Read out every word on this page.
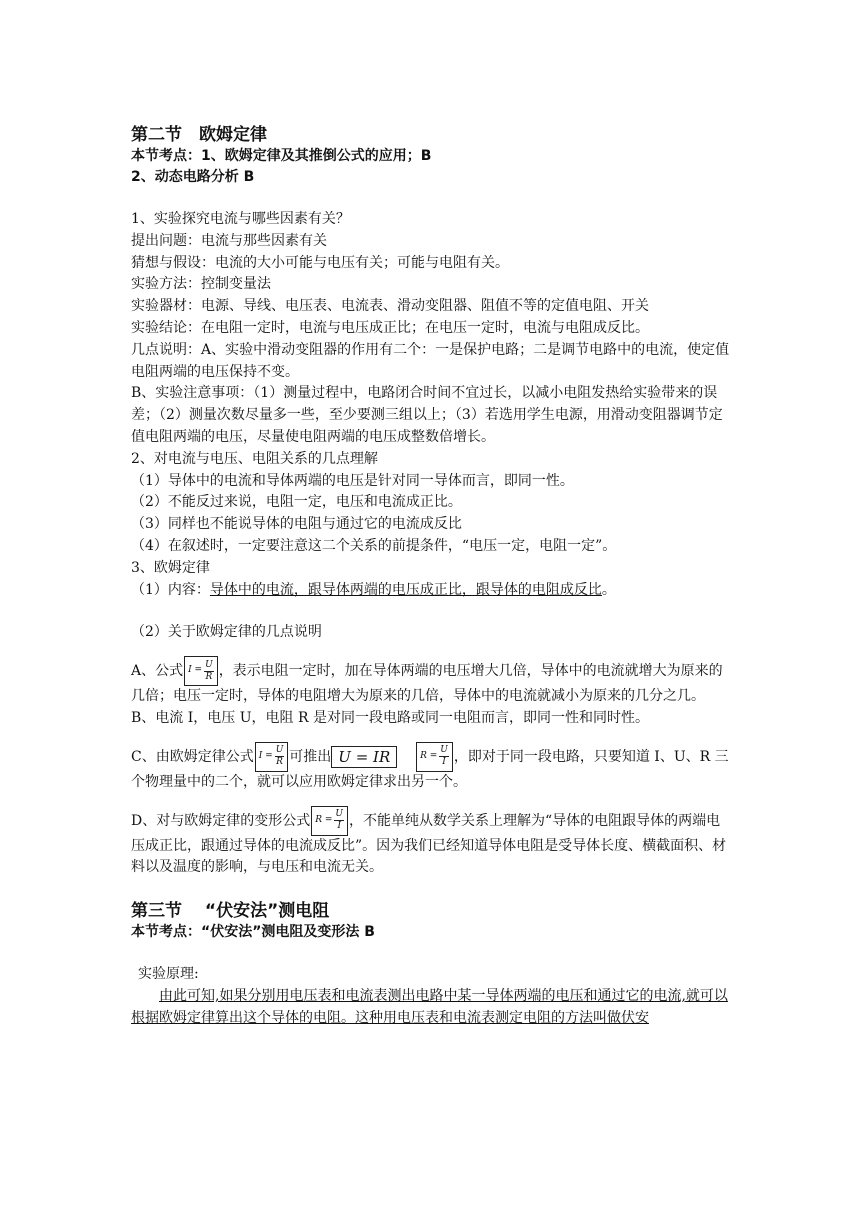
第二节　欧姆定律

本节考点：1、欧姆定律及其推倒公式的应用；B

2、动态电路分析 B

1、实验探究电流与哪些因素有关？

提出问题：电流与那些因素有关

猜想与假设：电流的大小可能与电压有关；可能与电阻有关。

实验方法：控制变量法

实验器材：电源、导线、电压表、电流表、滑动变阻器、阻值不等的定值电阻、开关

实验结论：在电阻一定时，电流与电压成正比；在电压一定时，电流与电阻成反比。

几点说明：A、实验中滑动变阻器的作用有二个：一是保护电路；二是调节电路中的电流，使定值电阻两端的电压保持不变。

B、实验注意事项：（1）测量过程中，电路闭合时间不宜过长，以减小电阻发热给实验带来的误差；（2）测量次数尽量多一些，至少要测三组以上；（3）若选用学生电源，用滑动变阻器调节定值电阻两端的电压，尽量使电阻两端的电压成整数倍增长。

2、对电流与电压、电阻关系的几点理解

（1）导体中的电流和导体两端的电压是针对同一导体而言，即同一性。

（2）不能反过来说，电阻一定，电压和电流成正比。

（3）同样也不能说导体的电阻与通过它的电流成反比

（4）在叙述时，一定要注意这二个关系的前提条件，“电压一定，电阻一定”。

3、欧姆定律

（1）内容：导体中的电流，跟导体两端的电压成正比，跟导体的电阻成反比。

（2）关于欧姆定律的几点说明

A、公式 $I = \frac{U}{R}$ ，表示电阻一定时，加在导体两端的电压增大几倍，导体中的电流就增大为原来的几倍；电压一定时，导体的电阻增大为原来的几倍，导体中的电流就减小为原来的几分之几。

B、电流 I，电压 U，电阻 R 是对同一段电路或同一电阻而言，即同一性和同时性。

C、由欧姆定律公式 $I = \frac{U}{R}$ 可推出 U = IR	$R = \frac{U}{I}$ ，即对于同一段电路，只要知道 I、U、R 三个物理量中的二个，就可以应用欧姆定律求出另一个。

D、对与欧姆定律的变形公式 $R = \frac{U}{I}$ ，不能单纯从数学关系上理解为“导体的电阻跟导体的两端电压成正比，跟通过导体的电流成反比”。因为我们已经知道导体电阻是受导体长度、横截面积、材料以及温度的影响，与电压和电流无关。

第三节　 “伏安法”测电阻

本节考点：“伏安法”测电阻及变形法 B

实验原理:

由此可知,如果分别用电压表和电流表测出电路中某一导体两端的电压和通过它的电流,就可以根据欧姆定律算出这个导体的电阻。这种用电压表和电流表测定电阻的方法叫做伏安
